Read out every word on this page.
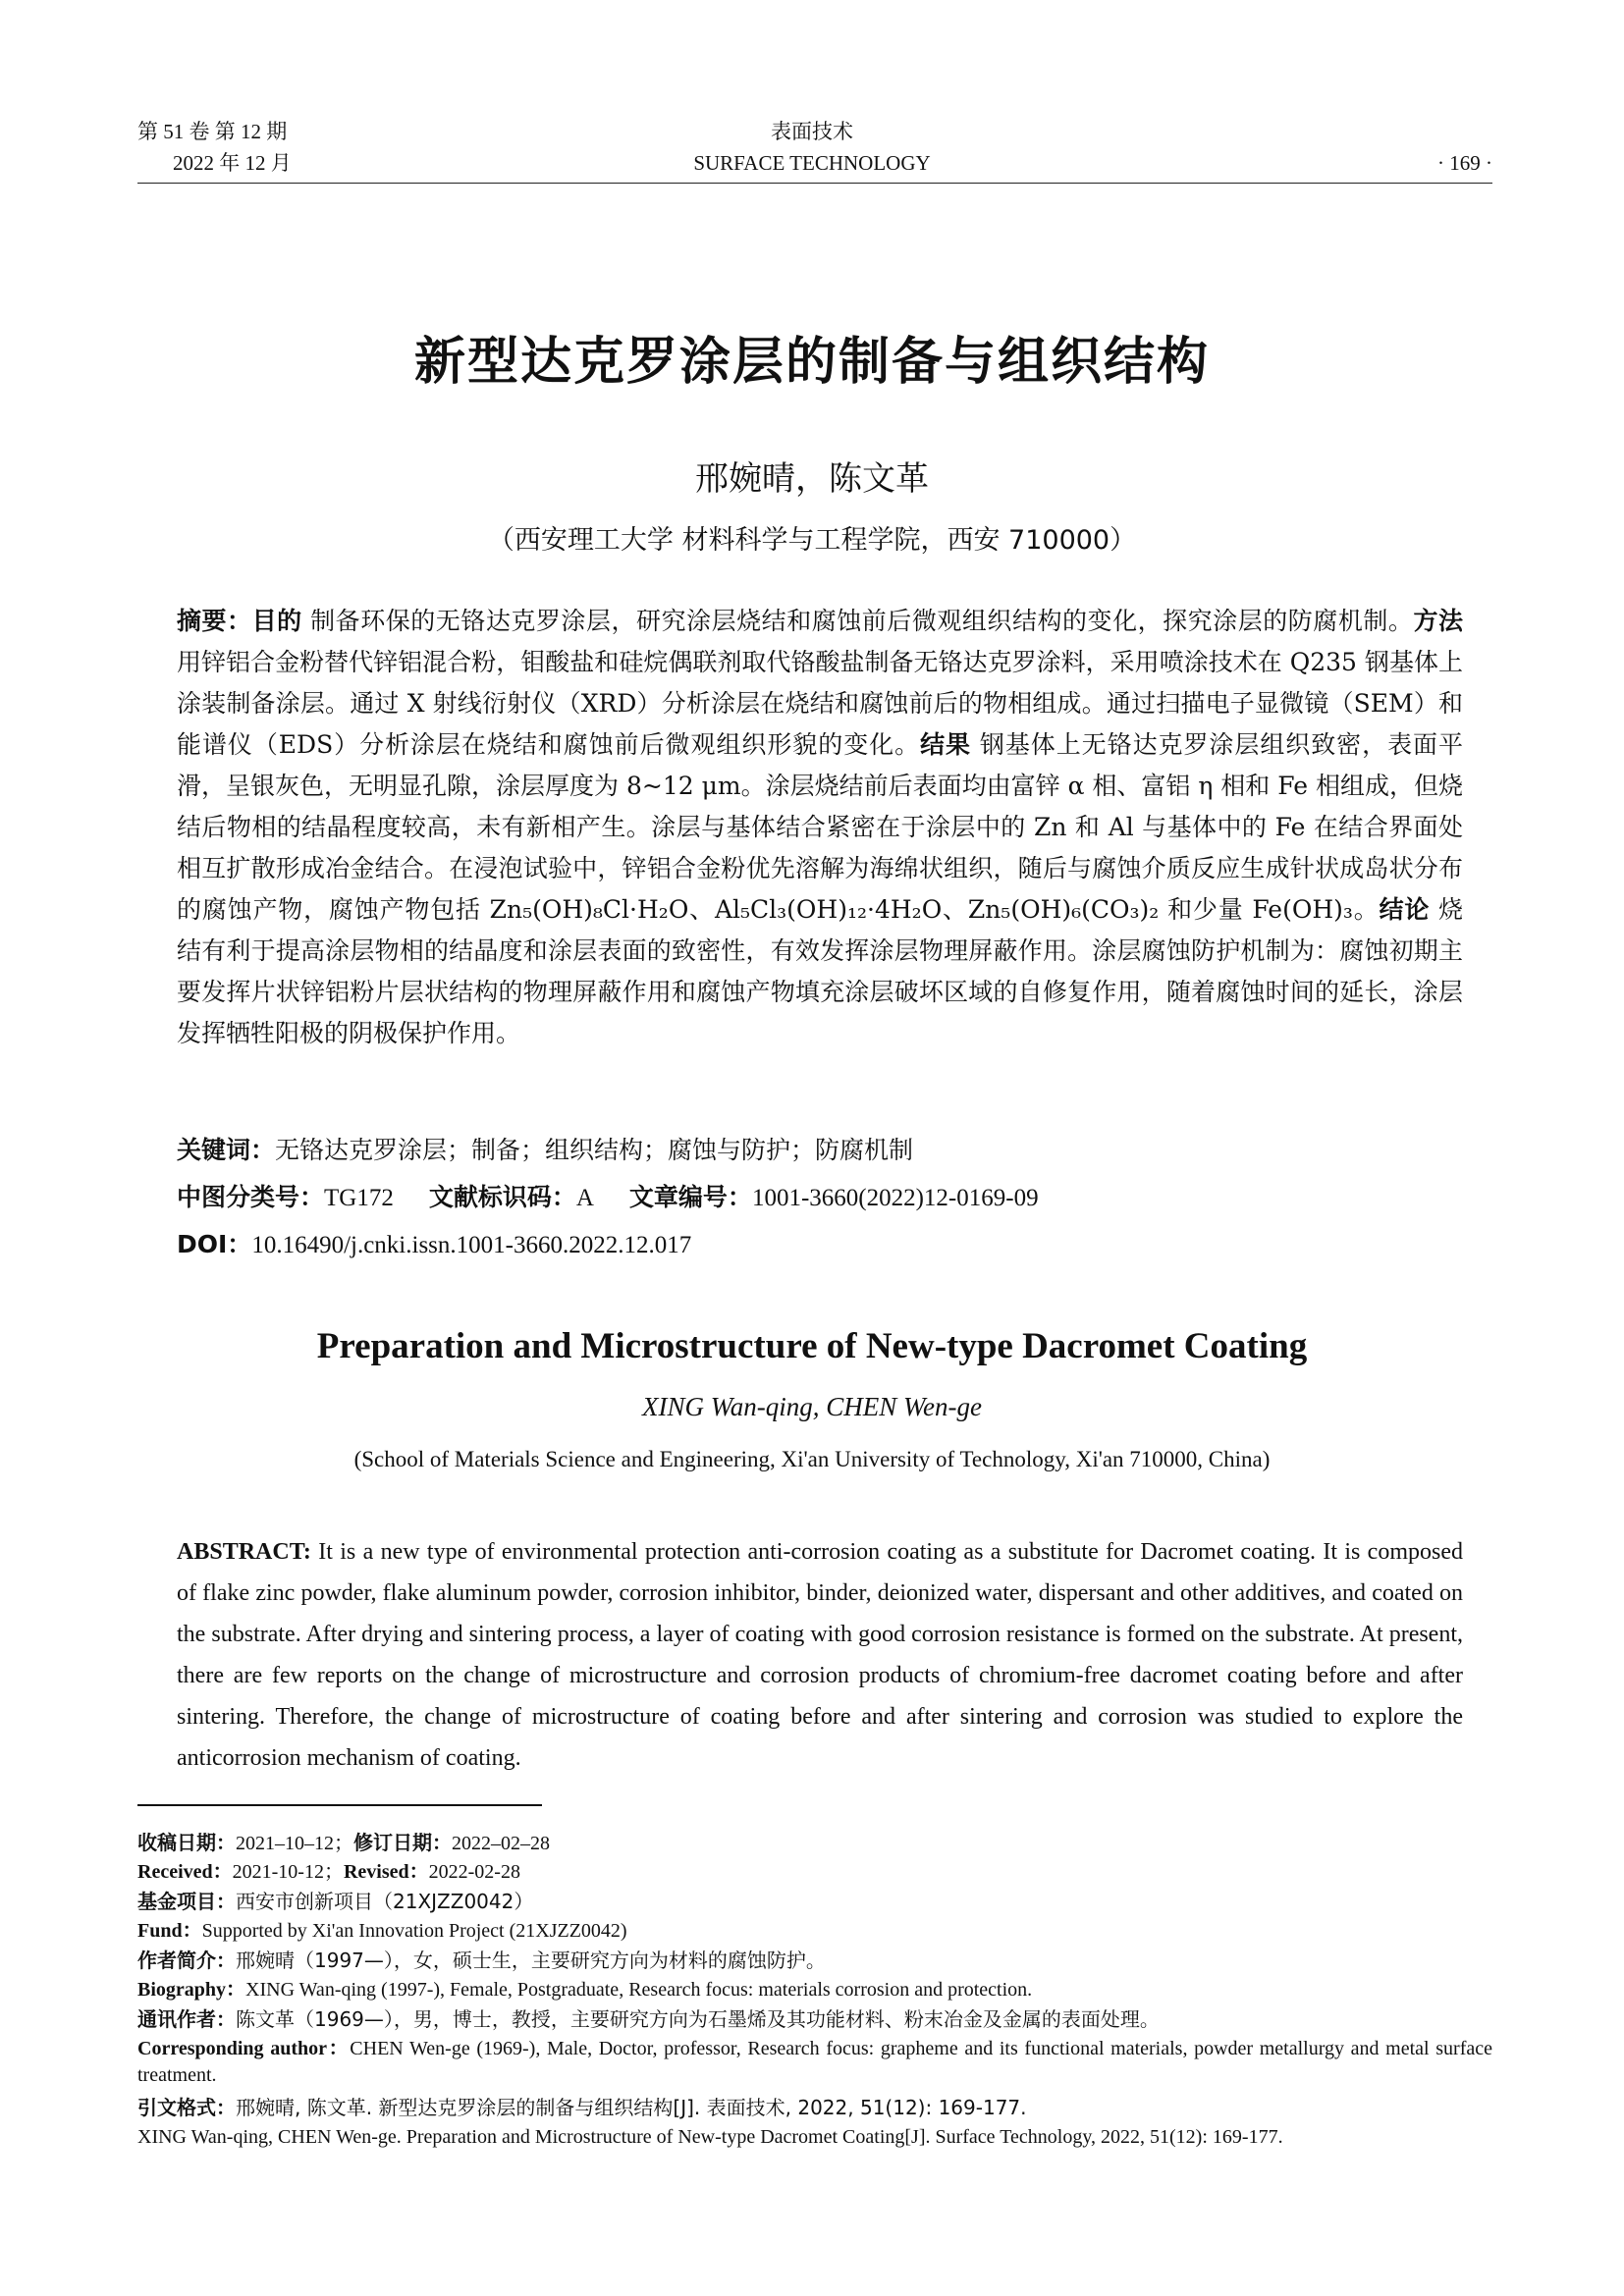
第 51 卷 第 12 期
2022 年 12 月
表面技术
SURFACE TECHNOLOGY	· 169 ·
新型达克罗涂层的制备与组织结构
邢婉晴，陈文革
（西安理工大学 材料科学与工程学院，西安 710000）
摘要：目的 制备环保的无铬达克罗涂层，研究涂层烧结和腐蚀前后微观组织结构的变化，探究涂层的防腐机制。方法 用锌铝合金粉替代锌铝混合粉，钼酸盐和硅烷偶联剂取代铬酸盐制备无铬达克罗涂料，采用喷涂技术在 Q235 钢基体上涂装制备涂层。通过 X 射线衍射仪（XRD）分析涂层在烧结和腐蚀前后的物相组成。通过扫描电子显微镜（SEM）和能谱仪（EDS）分析涂层在烧结和腐蚀前后微观组织形貌的变化。结果 钢基体上无铬达克罗涂层组织致密，表面平滑，呈银灰色，无明显孔隙，涂层厚度为 8~12 μm。涂层烧结前后表面均由富锌 α 相、富铝 η 相和 Fe 相组成，但烧结后物相的结晶程度较高，未有新相产生。涂层与基体结合紧密在于涂层中的 Zn 和 Al 与基体中的 Fe 在结合界面处相互扩散形成冶金结合。在浸泡试验中，锌铝合金粉优先溶解为海绵状组织，随后与腐蚀介质反应生成针状成岛状分布的腐蚀产物，腐蚀产物包括 Zn₅(OH)₈Cl·H₂O、Al₅Cl₃(OH)₁₂·4H₂O、Zn₅(OH)₆(CO₃)₂ 和少量 Fe(OH)₃。结论 烧结有利于提高涂层物相的结晶度和涂层表面的致密性，有效发挥涂层物理屏蔽作用。涂层腐蚀防护机制为：腐蚀初期主要发挥片状锌铝粉片层状结构的物理屏蔽作用和腐蚀产物填充涂层破坏区域的自修复作用，随着腐蚀时间的延长，涂层发挥牺牲阳极的阴极保护作用。
关键词：无铬达克罗涂层；制备；组织结构；腐蚀与防护；防腐机制
中图分类号：TG172 文献标识码：A 文章编号：1001-3660(2022)12-0169-09
DOI：10.16490/j.cnki.issn.1001-3660.2022.12.017
Preparation and Microstructure of New-type Dacromet Coating
XING Wan-qing, CHEN Wen-ge
(School of Materials Science and Engineering, Xi'an University of Technology, Xi'an 710000, China)
ABSTRACT: It is a new type of environmental protection anti-corrosion coating as a substitute for Dacromet coating. It is composed of flake zinc powder, flake aluminum powder, corrosion inhibitor, binder, deionized water, dispersant and other additives, and coated on the substrate. After drying and sintering process, a layer of coating with good corrosion resistance is formed on the substrate. At present, there are few reports on the change of microstructure and corrosion products of chromium-free dacromet coating before and after sintering. Therefore, the change of microstructure of coating before and after sintering and corrosion was studied to explore the anticorrosion mechanism of coating.
收稿日期：2021–10–12；修订日期：2022–02–28
Received：2021-10-12；Revised：2022-02-28
基金项目：西安市创新项目（21XJZZ0042）
Fund：Supported by Xi'an Innovation Project (21XJZZ0042)
作者简介：邢婉晴（1997—），女，硕士生，主要研究方向为材料的腐蚀防护。
Biography：XING Wan-qing (1997-), Female, Postgraduate, Research focus: materials corrosion and protection.
通讯作者：陈文革（1969—），男，博士，教授，主要研究方向为石墨烯及其功能材料、粉末冶金及金属的表面处理。
Corresponding author：CHEN Wen-ge (1969-), Male, Doctor, professor, Research focus: grapheme and its functional materials, powder metallurgy and metal surface treatment.
引文格式：邢婉晴, 陈文革. 新型达克罗涂层的制备与组织结构[J]. 表面技术, 2022, 51(12): 169-177.
XING Wan-qing, CHEN Wen-ge. Preparation and Microstructure of New-type Dacromet Coating[J]. Surface Technology, 2022, 51(12): 169-177.
